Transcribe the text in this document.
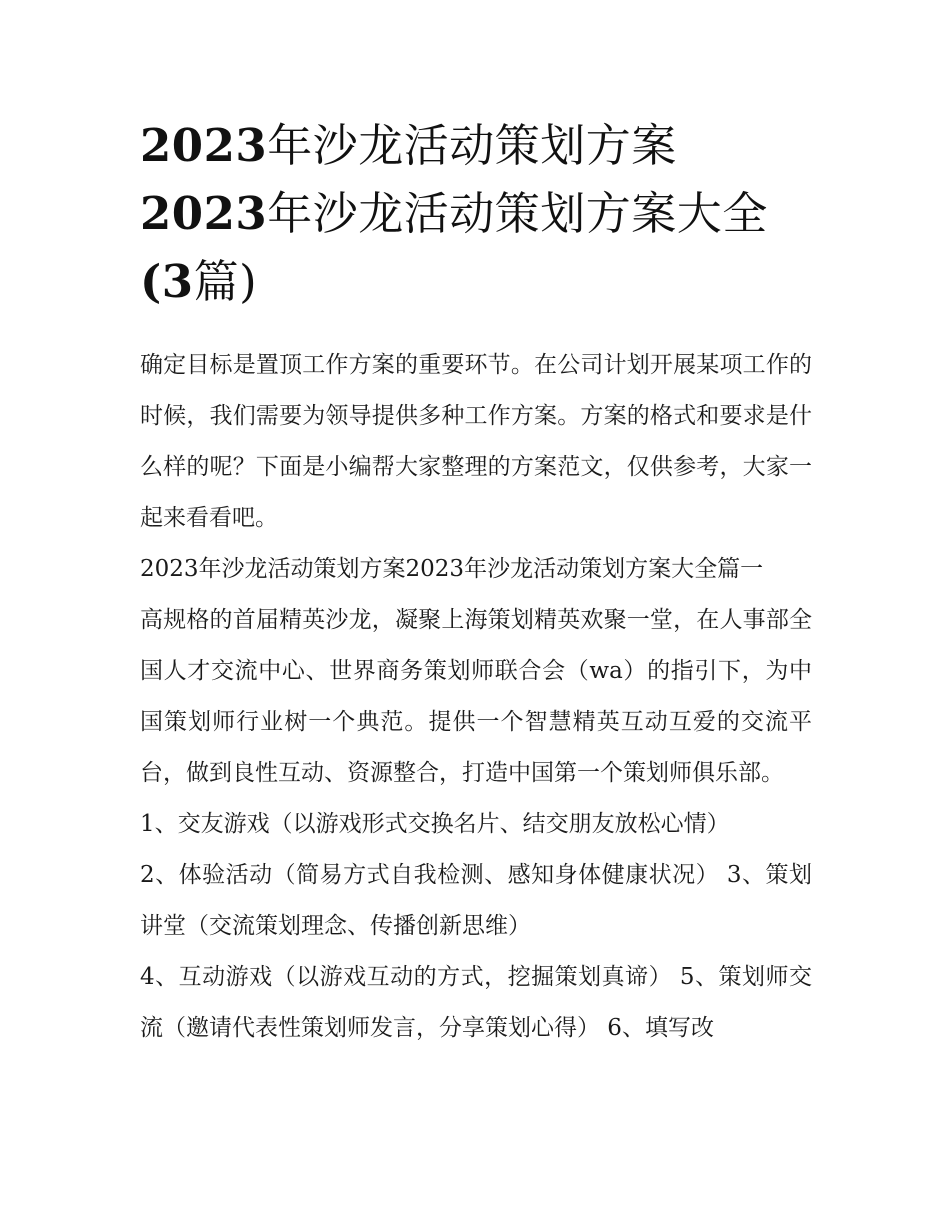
2023年沙龙活动策划方案
2023年沙龙活动策划方案大全
(3篇)

确定目标是置顶工作方案的重要环节。在公司计划开展某项工作的时候，我们需要为领导提供多种工作方案。方案的格式和要求是什么样的呢？下面是小编帮大家整理的方案范文，仅供参考，大家一起来看看吧。

2023年沙龙活动策划方案2023年沙龙活动策划方案大全篇一

高规格的首届精英沙龙，凝聚上海策划精英欢聚一堂，在人事部全国人才交流中心、世界商务策划师联合会（wa）的指引下，为中国策划师行业树一个典范。提供一个智慧精英互动互爱的交流平台，做到良性互动、资源整合，打造中国第一个策划师俱乐部。

1、交友游戏（以游戏形式交换名片、结交朋友放松心情）

2、体验活动（简易方式自我检测、感知身体健康状况） 3、策划讲堂（交流策划理念、传播创新思维）

4、互动游戏（以游戏互动的方式，挖掘策划真谛） 5、策划师交流（邀请代表性策划师发言，分享策划心得） 6、填写改
